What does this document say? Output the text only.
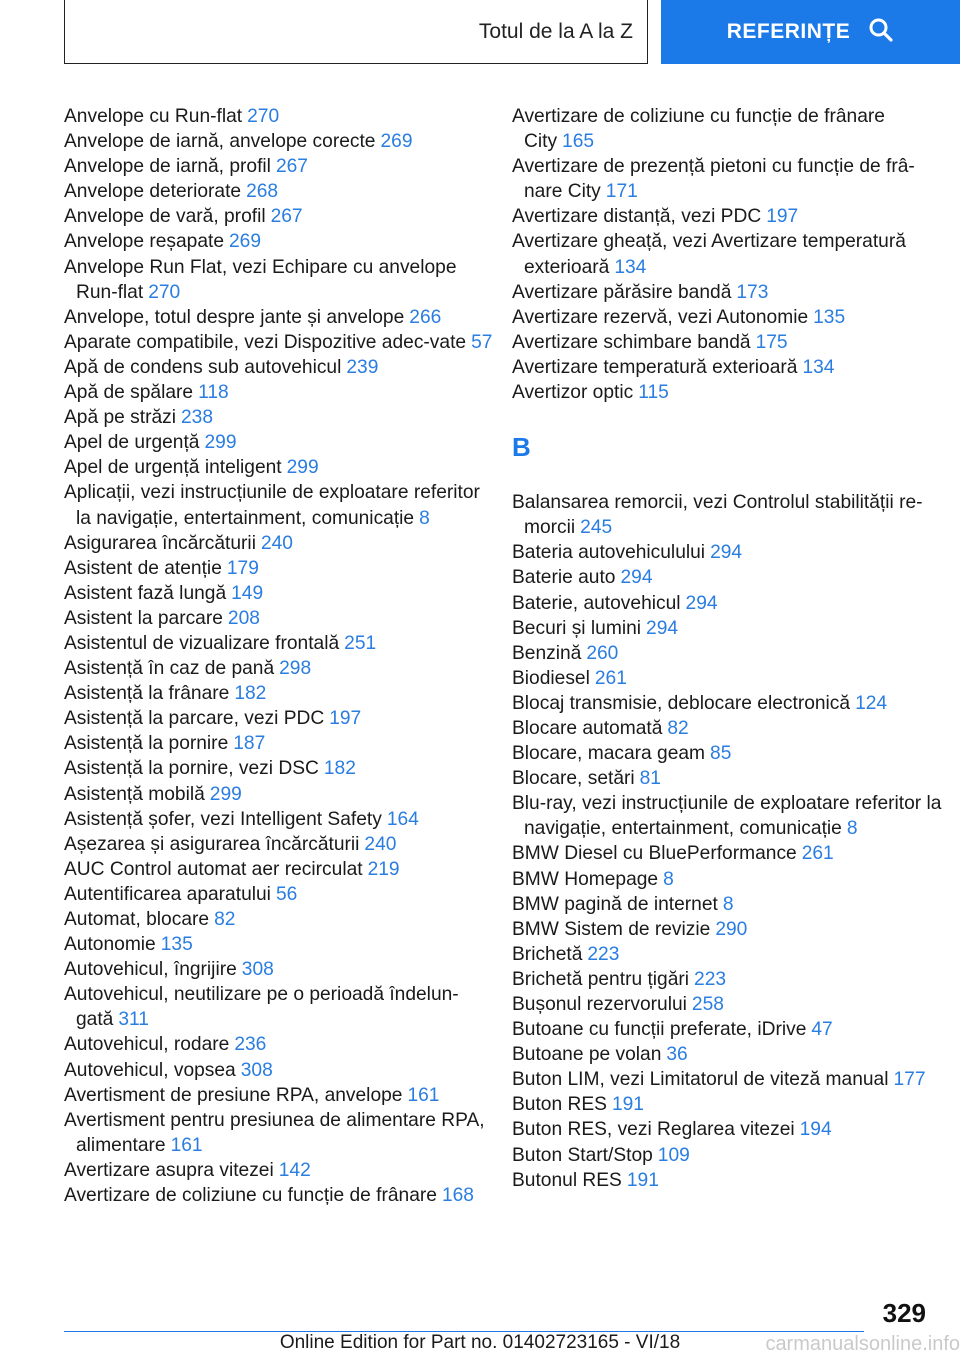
Totul de la A la Z	REFERINȚE

Anvelope cu Run-flat 270

Anvelope de iarnă, anvelope corecte 269

Anvelope de iarnă, profil 267

Anvelope deteriorate 268

Anvelope de vară, profil 267

Anvelope reșapate 269

Anvelope Run Flat, vezi Echipare cu anvelope Run-flat 270

Anvelope, totul despre jante și anvelope 266

Aparate compatibile, vezi Dispozitive adec-vate 57

Apă de condens sub autovehicul 239

Apă de spălare 118

Apă pe străzi 238

Apel de urgență 299

Apel de urgență inteligent 299

Aplicații, vezi instrucțiunile de exploatare referitor la navigație, entertainment, comunicație 8

Asigurarea încărcăturii 240

Asistent de atenție 179

Asistent fază lungă 149

Asistent la parcare 208

Asistentul de vizualizare frontală 251

Asistență în caz de pană 298

Asistență la frânare 182

Asistență la parcare, vezi PDC 197

Asistență la pornire 187

Asistență la pornire, vezi DSC 182

Asistență mobilă 299

Asistență șofer, vezi Intelligent Safety 164

Așezarea și asigurarea încărcăturii 240

AUC Control automat aer recirculat 219

Autentificarea aparatului 56

Automat, blocare 82

Autonomie 135

Autovehicul, îngrijire 308

Autovehicul, neutilizare pe o perioadă îndelun-gată 311

Autovehicul, rodare 236

Autovehicul, vopsea 308

Avertisment de presiune RPA, anvelope 161

Avertisment pentru presiunea de alimentare RPA, alimentare 161

Avertizare asupra vitezei 142

Avertizare de coliziune cu funcție de frânare 168

Avertizare de coliziune cu funcție de frânare City 165

Avertizare de prezență pietoni cu funcție de frâ-nare City 171

Avertizare distanță, vezi PDC 197

Avertizare gheață, vezi Avertizare temperatură exterioară 134

Avertizare părăsire bandă 173

Avertizare rezervă, vezi Autonomie 135

Avertizare schimbare bandă 175

Avertizare temperatură exterioară 134

Avertizor optic 115

B

Balansarea remorcii, vezi Controlul stabilității re-morcii 245

Bateria autovehiculului 294

Baterie auto 294

Baterie, autovehicul 294

Becuri și lumini 294

Benzină 260

Biodiesel 261

Blocaj transmisie, deblocare electronică 124

Blocare automată 82

Blocare, macara geam 85

Blocare, setări 81

Blu-ray, vezi instrucțiunile de exploatare referitor la navigație, entertainment, comunicație 8

BMW Diesel cu BluePerformance 261

BMW Homepage 8

BMW pagină de internet 8

BMW Sistem de revizie 290

Brichetă 223

Brichetă pentru țigări 223

Bușonul rezervorului 258

Butoane cu funcții preferate, iDrive 47

Butoane pe volan 36

Buton LIM, vezi Limitatorul de viteză manual 177

Buton RES 191

Buton RES, vezi Reglarea vitezei 194

Buton Start/Stop 109

Butonul RES 191

329
Online Edition for Part no. 01402723165 - VI/18	carmanualsonline.info
